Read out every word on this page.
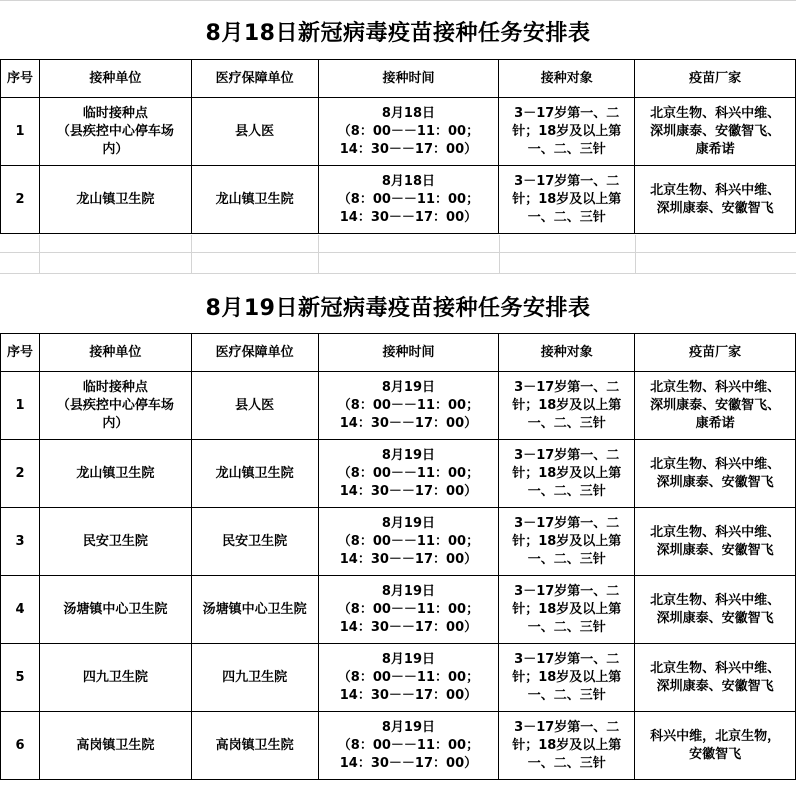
8月18日新冠病毒疫苗接种任务安排表
序号	接种单位	医疗保障单位	接种时间	接种对象	疫苗厂家
1	临时接种点
（县疾控中心停车场
内）	县人医	8月18日
（8：00－－11：00；
14：30－－17：00）	3－17岁第一、二
针；18岁及以上第
一、二、三针	北京生物、科兴中维、
深圳康泰、安徽智飞、
康希诺
2	龙山镇卫生院	龙山镇卫生院	8月18日
（8：00－－11：00；
14：30－－17：00）	3－17岁第一、二
针；18岁及以上第
一、二、三针	北京生物、科兴中维、
深圳康泰、安徽智飞
8月19日新冠病毒疫苗接种任务安排表
序号	接种单位	医疗保障单位	接种时间	接种对象	疫苗厂家
1	临时接种点
（县疾控中心停车场
内）	县人医	8月19日
（8：00－－11：00；
14：30－－17：00）	3－17岁第一、二
针；18岁及以上第
一、二、三针	北京生物、科兴中维、
深圳康泰、安徽智飞、
康希诺
2	龙山镇卫生院	龙山镇卫生院	8月19日
（8：00－－11：00；
14：30－－17：00）	3－17岁第一、二
针；18岁及以上第
一、二、三针	北京生物、科兴中维、
深圳康泰、安徽智飞
3	民安卫生院	民安卫生院	8月19日
（8：00－－11：00；
14：30－－17：00）	3－17岁第一、二
针；18岁及以上第
一、二、三针	北京生物、科兴中维、
深圳康泰、安徽智飞
4	汤塘镇中心卫生院	汤塘镇中心卫生院	8月19日
（8：00－－11：00；
14：30－－17：00）	3－17岁第一、二
针；18岁及以上第
一、二、三针	北京生物、科兴中维、
深圳康泰、安徽智飞
5	四九卫生院	四九卫生院	8月19日
（8：00－－11：00；
14：30－－17：00）	3－17岁第一、二
针；18岁及以上第
一、二、三针	北京生物、科兴中维、
深圳康泰、安徽智飞
6	高岗镇卫生院	高岗镇卫生院	8月19日
（8：00－－11：00；
14：30－－17：00）	3－17岁第一、二
针；18岁及以上第
一、二、三针	科兴中维，北京生物，
安徽智飞
